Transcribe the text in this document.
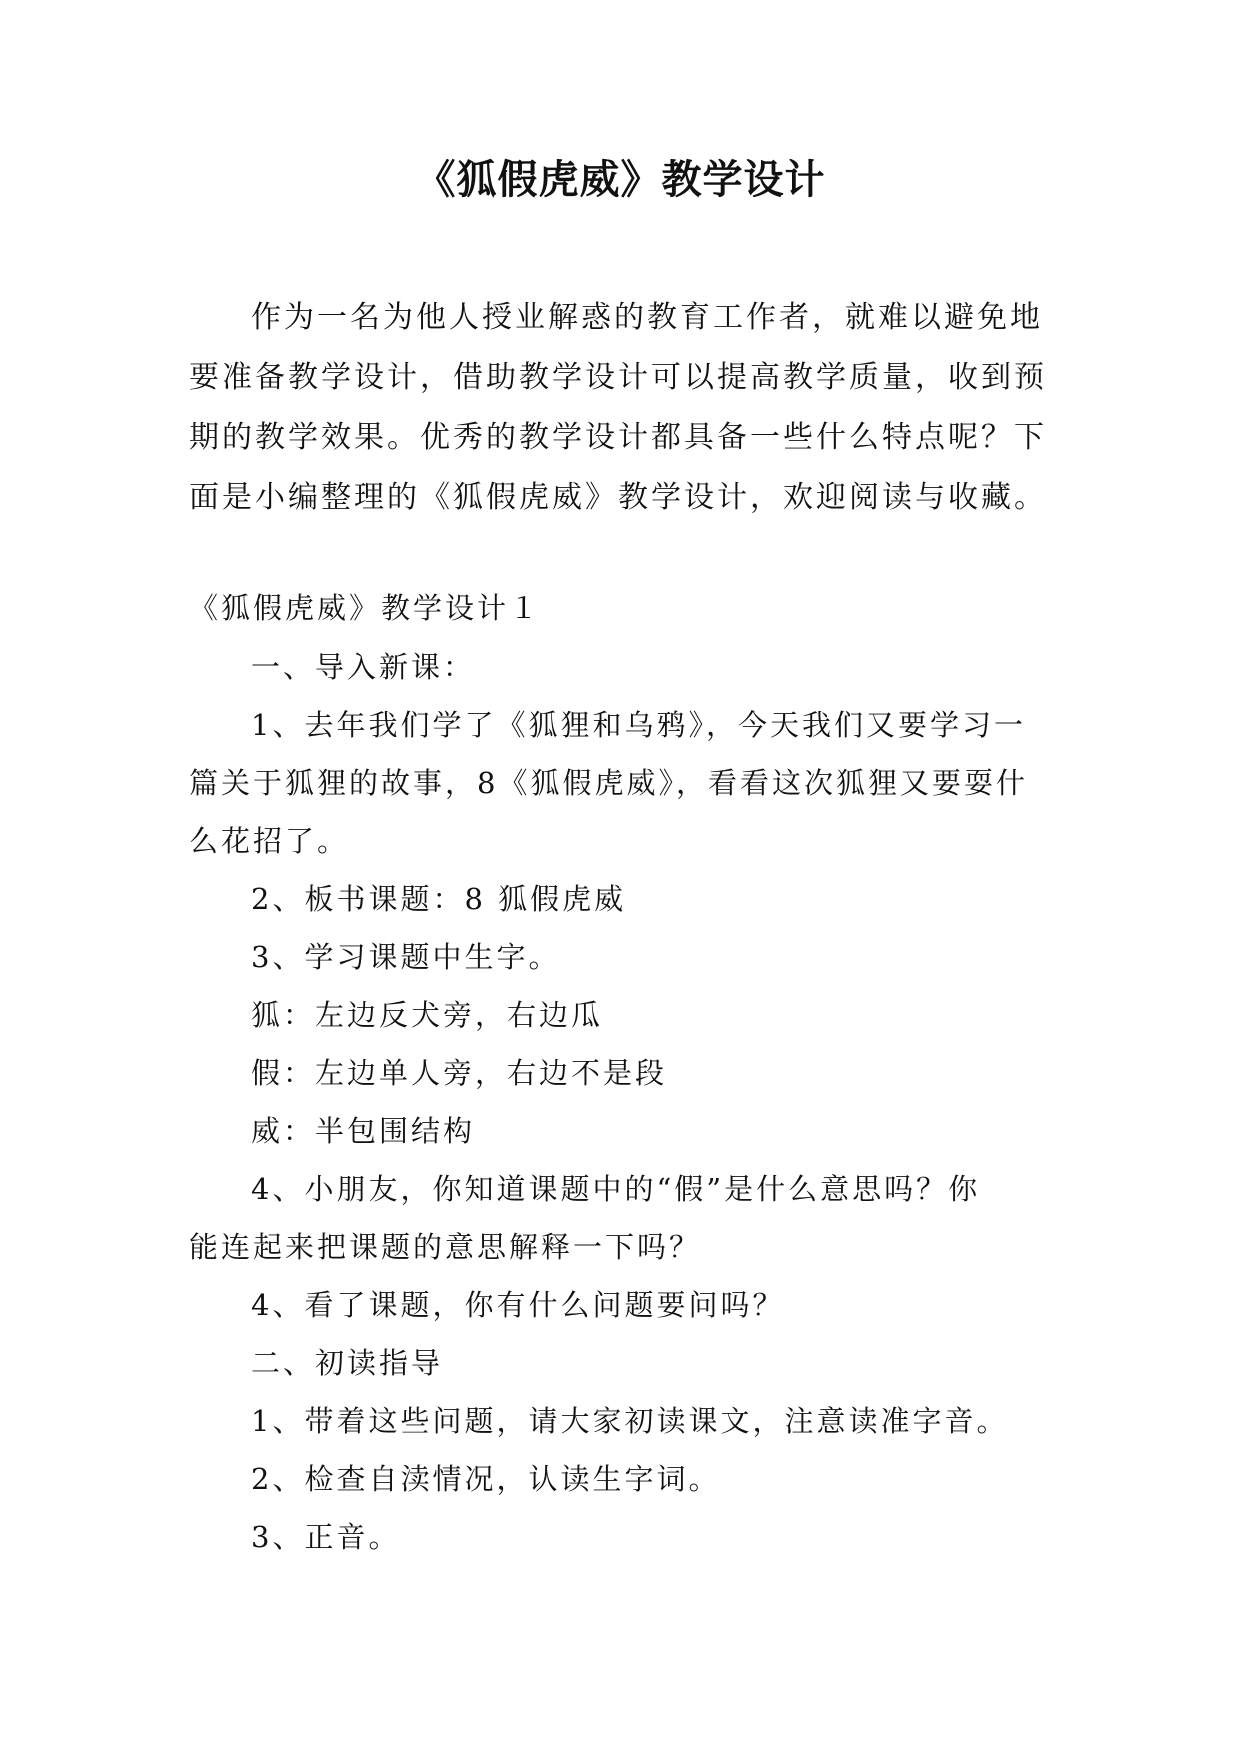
《狐假虎威》教学设计
作为一名为他人授业解惑的教育工作者，就难以避免地
要准备教学设计，借助教学设计可以提高教学质量，收到预
期的教学效果。优秀的教学设计都具备一些什么特点呢？下
面是小编整理的《狐假虎威》教学设计，欢迎阅读与收藏。
《狐假虎威》教学设计１
一、导入新课：
1、去年我们学了《狐狸和乌鸦》，今天我们又要学习一
篇关于狐狸的故事，8《狐假虎威》，看看这次狐狸又要耍什
么花招了。
2、板书课题：8 狐假虎威
3、学习课题中生字。
狐：左边反犬旁，右边瓜
假：左边单人旁，右边不是段
威：半包围结构
4、小朋友，你知道课题中的“假”是什么意思吗？你
能连起来把课题的意思解释一下吗？
4、看了课题，你有什么问题要问吗？
二、初读指导
1、带着这些问题，请大家初读课文，注意读准字音。
2、检查自渎情况，认读生字词。
3、正音。
